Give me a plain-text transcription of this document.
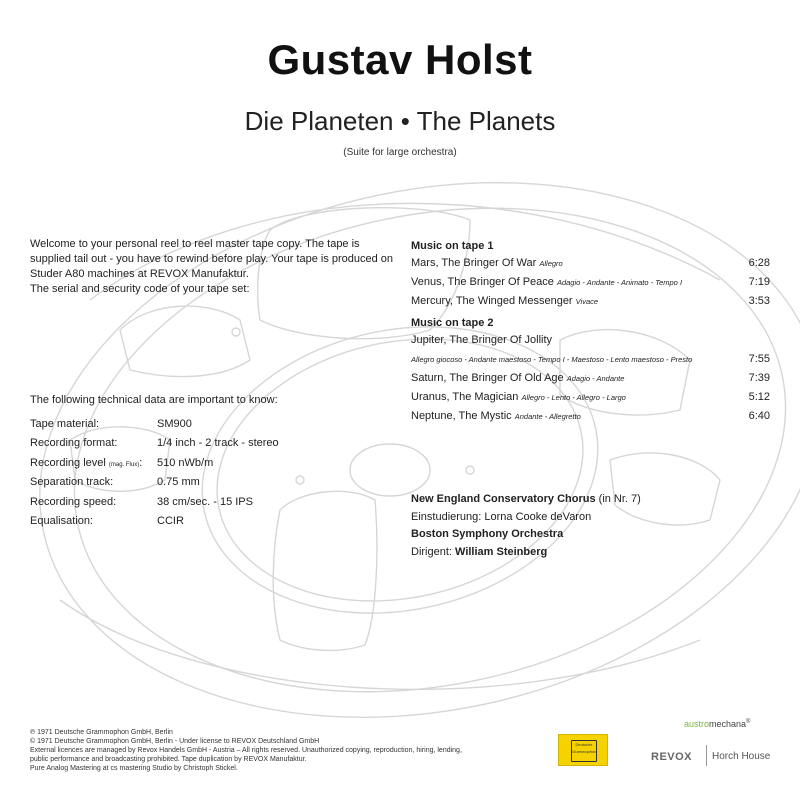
Gustav Holst
Die Planeten • The Planets
(Suite for large orchestra)

Welcome to your personal reel to reel master tape copy. The tape is supplied tail out - you have to rewind before play. Your tape is produced on Studer A80 machines at REVOX Manufaktur.

The serial and security code of your tape set:

The following technical data are important to know:
Tape material:	SM900
Recording format:	1/4 inch - 2 track - stereo
Recording level (mag. Flux):	510 nWb/m
Separation track:	0.75 mm
Recording speed:	38 cm/sec. - 15 IPS
Equalisation:	CCIR
Music on tape 1
Mars, The Bringer Of War Allegro	6:28
Venus, The Bringer Of Peace Adagio - Andante - Animato - Tempo I	7:19
Mercury, The Winged Messenger Vivace	3:53
Music on tape 2
Jupiter, The Bringer Of Jollity
Allegro giocoso - Andante maestoso - Tempo I - Maestoso - Lento maestoso - Presto	7:55
Saturn, The Bringer Of Old Age Adagio - Andante	7:39
Uranus, The Magician Allegro - Lento - Allegro - Largo	5:12
Neptune, The Mystic Andante - Allegretto	6:40
New England Conservatory Chorus (in Nr. 7)
Einstudierung: Lorna Cooke deVaron
Boston Symphony Orchestra
Dirigent: William Steinberg
℗ 1971 Deutsche Grammophon GmbH, Berlin
© 1971 Deutsche Grammophon GmbH, Berlin - Under license to REVOX Deutschland GmbH
External licences are managed by Revox Handels GmbH - Austria – All rights reserved. Unauthorized copying, reproduction, hiring, lending,
public performance and broadcasting prohibited. Tape duplication by REVOX Manufaktur.
Pure Analog Mastering at cs mastering Studio by Christoph Stickel.
Deutsche
Grammophon
austromechana®
REVOX Horch House
